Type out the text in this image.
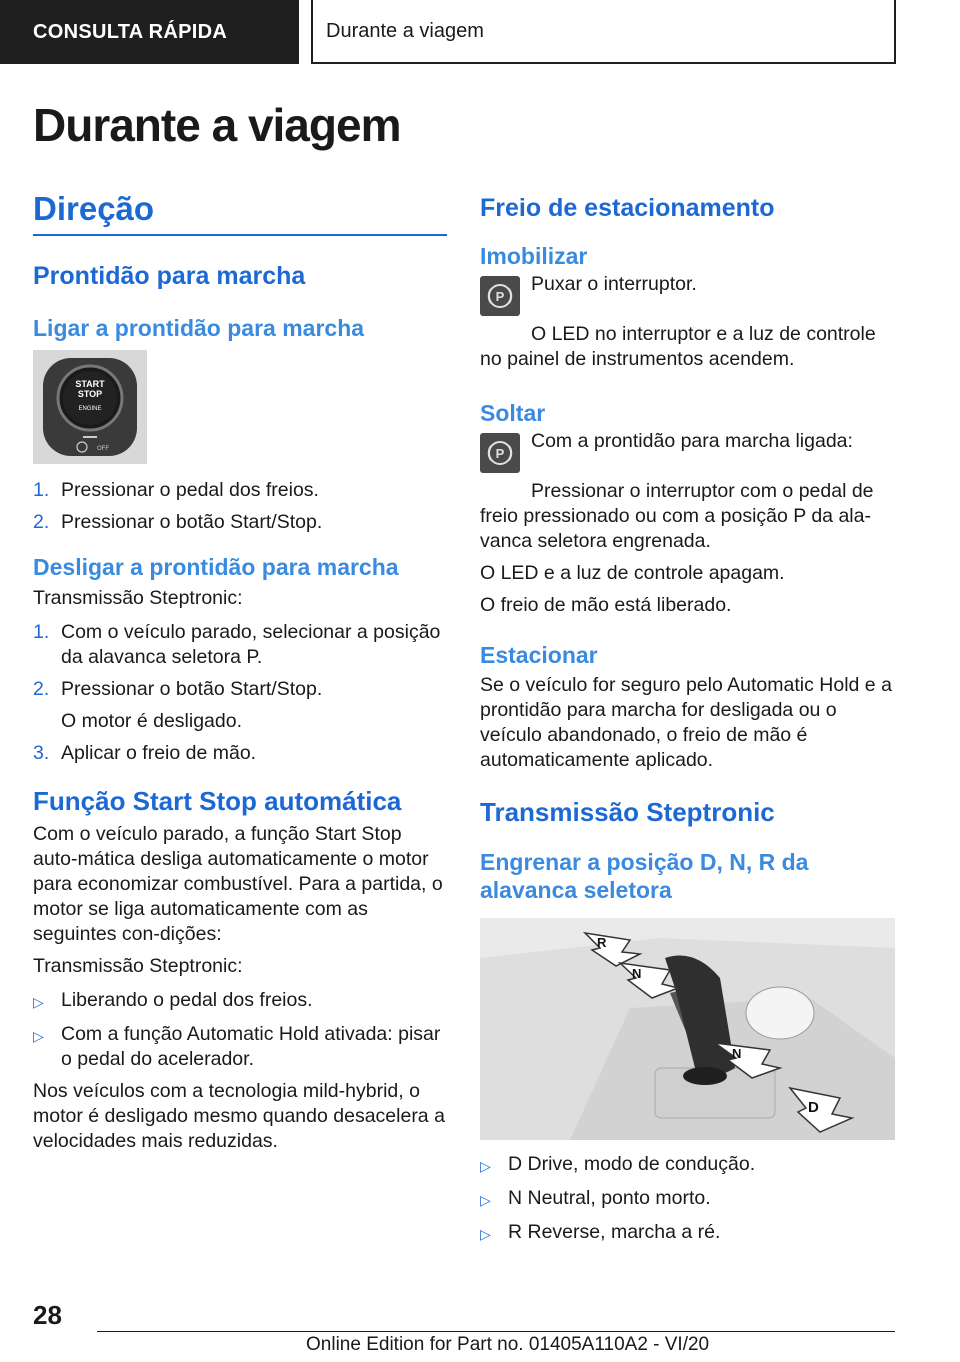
CONSULTA RÁPIDA	Durante a viagem
Durante a viagem
Direção
Prontidão para marcha
Ligar a prontidão para marcha
START
STOP
ENGINE
OFF
1. Pressionar o pedal dos freios.
2. Pressionar o botão Start/Stop.
Desligar a prontidão para marcha

Transmissão Steptronic:

1. Com o veículo parado, selecionar a posição da alavanca seletora P.
2. Pressionar o botão Start/Stop.

O motor é desligado.

3. Aplicar o freio de mão.
Função Start Stop automática

Com o veículo parado, a função Start Stop auto-mática desliga automaticamente o motor para economizar combustível. Para a partida, o motor se liga automaticamente com as seguintes con-dições:

Transmissão Steptronic:

▷ Liberando o pedal dos freios.
▷ Com a função Automatic Hold ativada: pisar o pedal do acelerador.

Nos veículos com a tecnologia mild-hybrid, o motor é desligado mesmo quando desacelera a velocidades mais reduzidas.

Freio de estacionamento
Imobilizar
P

Puxar o interruptor.

O LED no interruptor e a luz de controle no painel de instrumentos acendem.

Soltar
P

Com a prontidão para marcha ligada:

Pressionar o interruptor com o pedal de freio pressionado ou com a posição P da ala-vanca seletora engrenada.

O LED e a luz de controle apagam.

O freio de mão está liberado.

Estacionar

Se o veículo for seguro pelo Automatic Hold e a prontidão para marcha for desligada ou o veículo abandonado, o freio de mão é automaticamente aplicado.

Transmissão Steptronic
Engrenar a posição D, N, R da alavanca seletora
R
N
N
D
▷ D Drive, modo de condução.
▷ N Neutral, ponto morto.
▷ R Reverse, marcha a ré.
28
Online Edition for Part no. 01405A110A2 - VI/20
